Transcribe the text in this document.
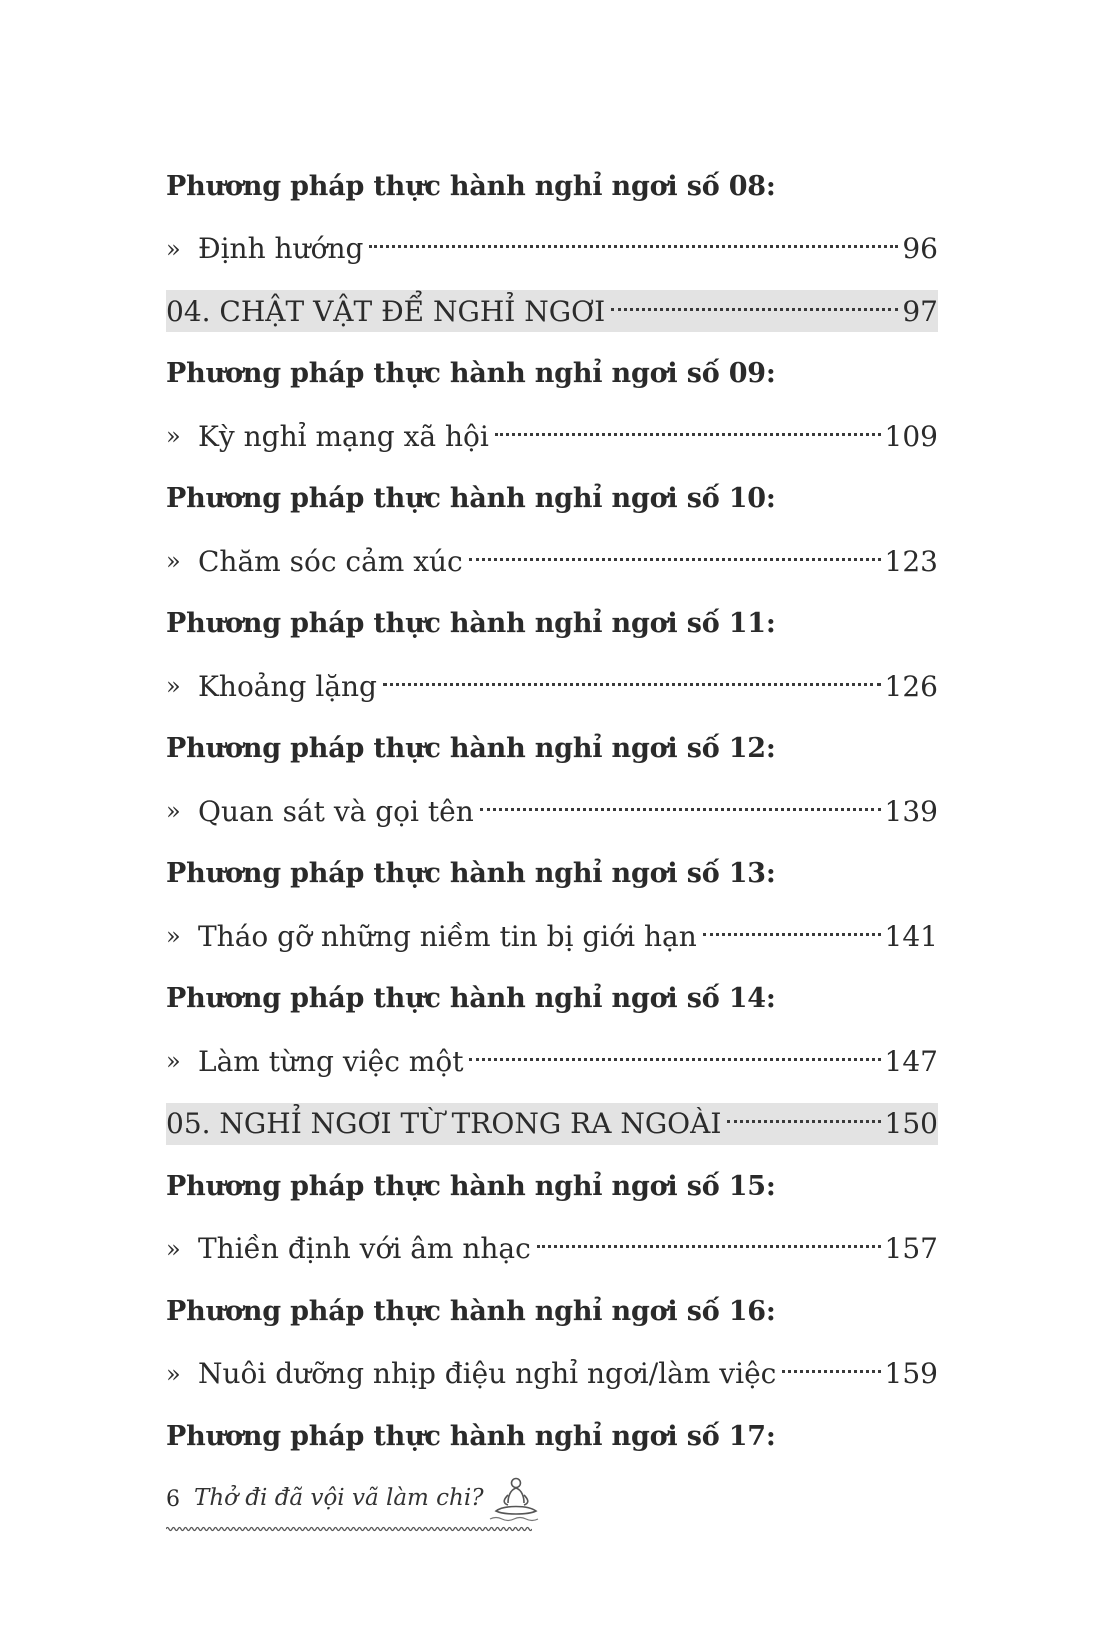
Phương pháp thực hành nghỉ ngơi số 08:
» Định hướng	96
04. CHẬT VẬT ĐỂ NGHỈ NGƠI	97
Phương pháp thực hành nghỉ ngơi số 09:
» Kỳ nghỉ mạng xã hội	109
Phương pháp thực hành nghỉ ngơi số 10:
» Chăm sóc cảm xúc	123
Phương pháp thực hành nghỉ ngơi số 11:
» Khoảng lặng	126
Phương pháp thực hành nghỉ ngơi số 12:
» Quan sát và gọi tên	139
Phương pháp thực hành nghỉ ngơi số 13:
» Tháo gỡ những niềm tin bị giới hạn	141
Phương pháp thực hành nghỉ ngơi số 14:
» Làm từng việc một	147
05. NGHỈ NGƠI TỪ TRONG RA NGOÀI	150
Phương pháp thực hành nghỉ ngơi số 15:
» Thiền định với âm nhạc	157
Phương pháp thực hành nghỉ ngơi số 16:
» Nuôi dưỡng nhịp điệu nghỉ ngơi/làm việc	159
Phương pháp thực hành nghỉ ngơi số 17:
6 Thở đi đã vội vã làm chi?
